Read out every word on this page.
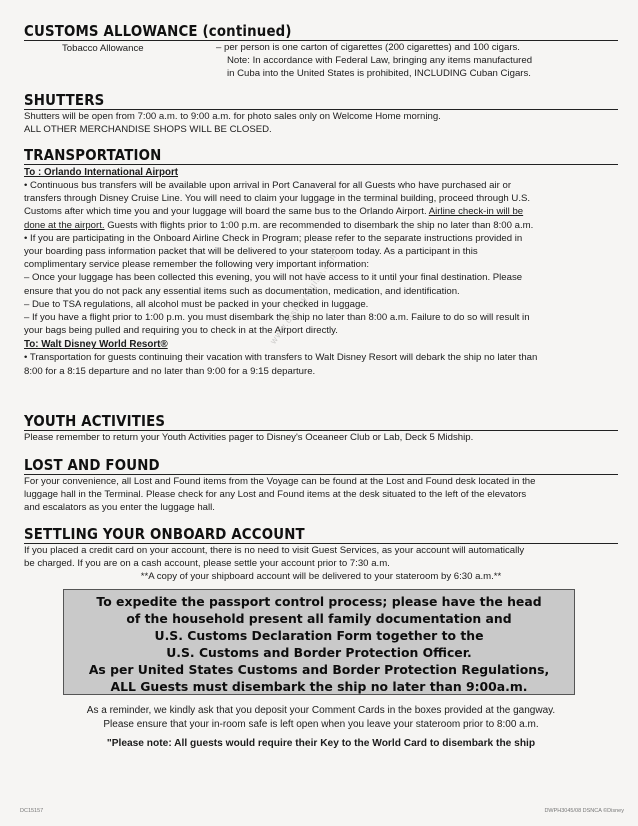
CUSTOMS ALLOWANCE (continued)
Tobacco Allowance	– per person is one carton of cigarettes (200 cigarettes) and 100 cigars.
Note: In accordance with Federal Law, bringing any items manufactured
in Cuba into the United States is prohibited, INCLUDING Cuban Cigars.
SHUTTERS
Shutters will be open from 7:00 a.m. to 9:00 a.m. for photo sales only on Welcome Home morning.
ALL OTHER MERCHANDISE SHOPS WILL BE CLOSED.
TRANSPORTATION
To : Orlando International Airport
• Continuous bus transfers will be available upon arrival in Port Canaveral for all Guests who have purchased air or
transfers through Disney Cruise Line. You will need to claim your luggage in the terminal building, proceed through U.S.
Customs after which time you and your luggage will board the same bus to the Orlando Airport. Airline check-in will be
done at the airport. Guests with flights prior to 1:00 p.m. are recommended to disembark the ship no later than 8:00 a.m.
• If you are participating in the Onboard Airline Check in Program; please refer to the separate instructions provided in
your boarding pass information packet that will be delivered to your stateroom today. As a participant in this
complimentary service please remember the following very important information:
– Once your luggage has been collected this evening, you will not have access to it until your final destination. Please
ensure that you do not pack any essential items such as documentation, medication, and identification.
– Due to TSA regulations, all alcohol must be packed in your checked in luggage.
– If you have a flight prior to 1:00 p.m. you must disembark the ship no later than 8:00 a.m. Failure to do so will result in
your bags being pulled and requiring you to check in at the Airport directly.
To: Walt Disney World Resort®
• Transportation for guests continuing their vacation with transfers to Walt Disney Resort will debark the ship no later than
8:00 for a 8:15 departure and no later than 9:00 for a 9:15 departure.
YOUTH ACTIVITIES
Please remember to return your Youth Activities pager to Disney's Oceaneer Club or Lab, Deck 5 Midship.
LOST AND FOUND
For your convenience, all Lost and Found items from the Voyage can be found at the Lost and Found desk located in the
luggage hall in the Terminal. Please check for any Lost and Found items at the desk situated to the left of the elevators
and escalators as you enter the luggage hall.
SETTLING YOUR ONBOARD ACCOUNT
If you placed a credit card on your account, there is no need to visit Guest Services, as your account will automatically
be charged. If you are on a cash account, please settle your account prior to 7:30 a.m.
**A copy of your shipboard account will be delivered to your stateroom by 6:30 a.m.**
To expedite the passport control process; please have the head
of the household present all family documentation and
U.S. Customs Declaration Form together to the
U.S. Customs and Border Protection Officer.
As per United States Customs and Border Protection Regulations,
ALL Guests must disembark the ship no later than 9:00a.m.
As a reminder, we kindly ask that you deposit your Comment Cards in the boxes provided at the gangway.
Please ensure that your in-room safe is left open when you leave your stateroom prior to 8:00 a.m.
"Please note: All guests would require their Key to the World Card to disembark the ship
www.disneycruise.com
DC15157	DWPH3045/08 DSNCA ©Disney
